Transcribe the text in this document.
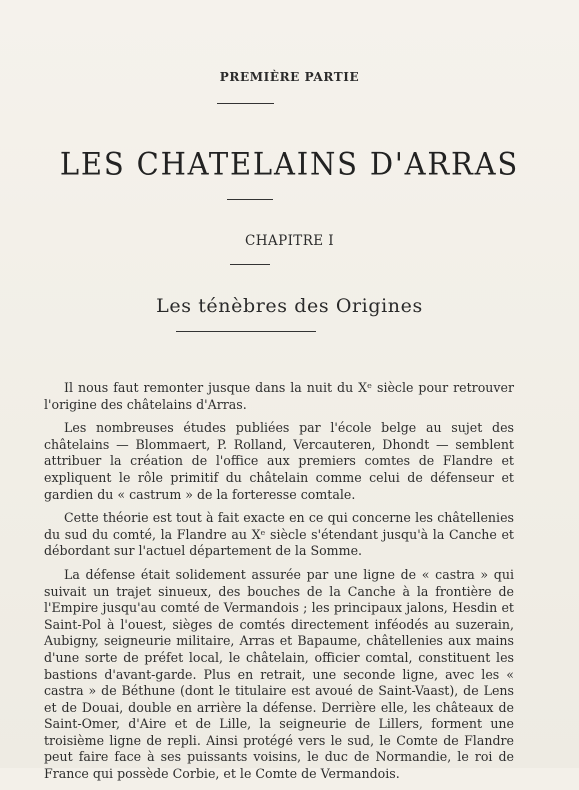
PREMIÈRE PARTIE
LES CHATELAINS D'ARRAS
CHAPITRE I
Les ténèbres des Origines

Il nous faut remonter jusque dans la nuit du Xᵉ siècle pour retrouver l'origine des châtelains d'Arras.

Les nombreuses études publiées par l'école belge au sujet des châtelains — Blommaert, P. Rolland, Vercauteren, Dhondt — semblent attribuer la création de l'office aux premiers comtes de Flandre et expliquent le rôle primitif du châtelain comme celui de défenseur et gardien du « castrum » de la forteresse comtale.

Cette théorie est tout à fait exacte en ce qui concerne les châtellenies du sud du comté, la Flandre au Xᵉ siècle s'étendant jusqu'à la Canche et débordant sur l'actuel département de la Somme.

La défense était solidement assurée par une ligne de « castra » qui suivait un trajet sinueux, des bouches de la Canche à la frontière de l'Empire jusqu'au comté de Vermandois ; les principaux jalons, Hesdin et Saint-Pol à l'ouest, sièges de comtés directement inféodés au suzerain, Aubigny, seigneurie militaire, Arras et Bapaume, châtellenies aux mains d'une sorte de préfet local, le châtelain, officier comtal, constituent les bastions d'avant-garde. Plus en retrait, une seconde ligne, avec les « castra » de Béthune (dont le titulaire est avoué de Saint-Vaast), de Lens et de Douai, double en arrière la défense. Derrière elle, les châteaux de Saint-Omer, d'Aire et de Lille, la seigneurie de Lillers, forment une troisième ligne de repli. Ainsi protégé vers le sud, le Comte de Flandre peut faire face à ses puissants voisins, le duc de Normandie, le roi de France qui possède Corbie, et le Comte de Vermandois.
